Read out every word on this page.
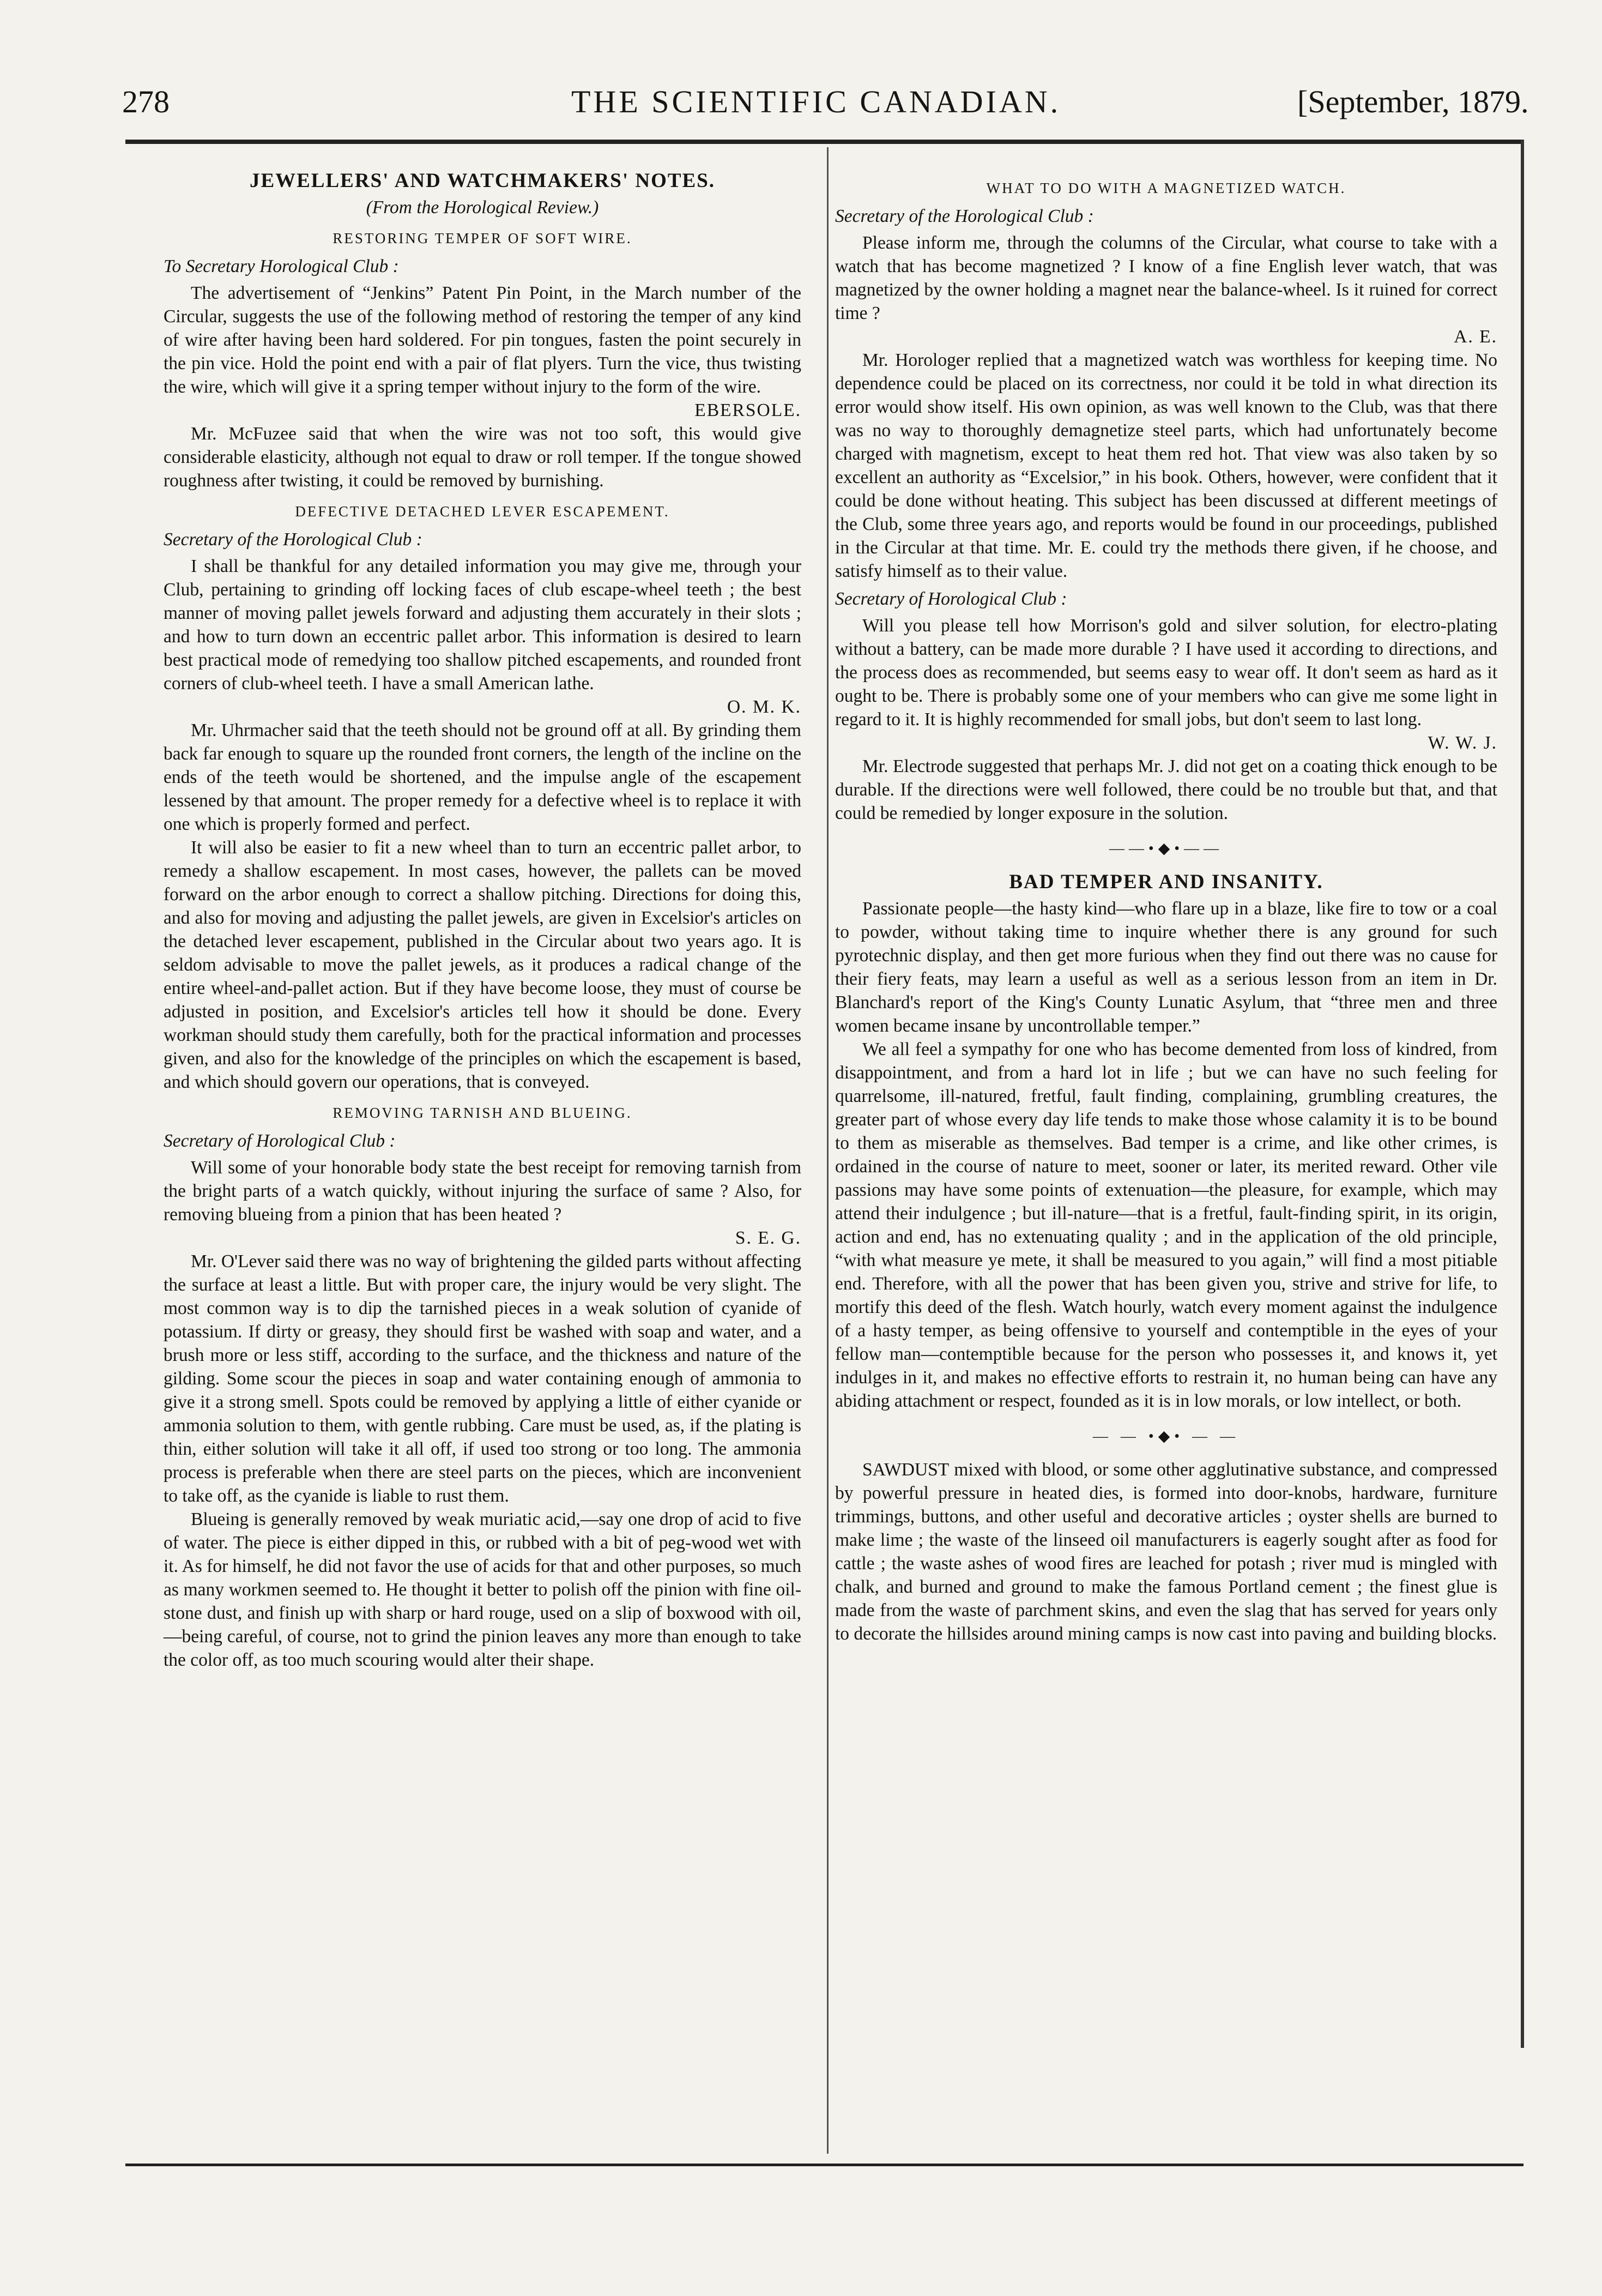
278	THE SCIENTIFIC CANADIAN.	[September, 1879.
JEWELLERS' AND WATCHMAKERS' NOTES.
(From the Horological Review.)
RESTORING TEMPER OF SOFT WIRE.
To Secretary Horological Club :

The advertisement of “Jenkins” Patent Pin Point, in the March number of the Circular, suggests the use of the following method of restoring the temper of any kind of wire after having been hard soldered. For pin tongues, fasten the point securely in the pin vice. Hold the point end with a pair of flat plyers. Turn the vice, thus twisting the wire, which will give it a spring temper without injury to the form of the wire.

EBERSOLE.

Mr. McFuzee said that when the wire was not too soft, this would give considerable elasticity, although not equal to draw or roll temper. If the tongue showed roughness after twisting, it could be removed by burnishing.

DEFECTIVE DETACHED LEVER ESCAPEMENT.
Secretary of the Horological Club :

I shall be thankful for any detailed information you may give me, through your Club, pertaining to grinding off locking faces of club escape-wheel teeth ; the best manner of moving pallet jewels forward and adjusting them accurately in their slots ; and how to turn down an eccentric pallet arbor. This information is desired to learn best practical mode of remedying too shallow pitched escapements, and rounded front corners of club-wheel teeth. I have a small American lathe.

O. M. K.

Mr. Uhrmacher said that the teeth should not be ground off at all. By grinding them back far enough to square up the rounded front corners, the length of the incline on the ends of the teeth would be shortened, and the impulse angle of the escapement lessened by that amount. The proper remedy for a defective wheel is to replace it with one which is properly formed and perfect.

It will also be easier to fit a new wheel than to turn an eccentric pallet arbor, to remedy a shallow escapement. In most cases, however, the pallets can be moved forward on the arbor enough to correct a shallow pitching. Directions for doing this, and also for moving and adjusting the pallet jewels, are given in Excelsior's articles on the detached lever escapement, published in the Circular about two years ago. It is seldom advisable to move the pallet jewels, as it produces a radical change of the entire wheel-and-pallet action. But if they have become loose, they must of course be adjusted in position, and Excelsior's articles tell how it should be done. Every workman should study them carefully, both for the practical information and processes given, and also for the knowledge of the principles on which the escapement is based, and which should govern our operations, that is conveyed.

REMOVING TARNISH AND BLUEING.
Secretary of Horological Club :

Will some of your honorable body state the best receipt for removing tarnish from the bright parts of a watch quickly, without injuring the surface of same ? Also, for removing blueing from a pinion that has been heated ?

S. E. G.

Mr. O'Lever said there was no way of brightening the gilded parts without affecting the surface at least a little. But with proper care, the injury would be very slight. The most common way is to dip the tarnished pieces in a weak solution of cyanide of potassium. If dirty or greasy, they should first be washed with soap and water, and a brush more or less stiff, according to the surface, and the thickness and nature of the gilding. Some scour the pieces in soap and water containing enough of ammonia to give it a strong smell. Spots could be removed by applying a little of either cyanide or ammonia solution to them, with gentle rubbing. Care must be used, as, if the plating is thin, either solution will take it all off, if used too strong or too long. The ammonia process is preferable when there are steel parts on the pieces, which are inconvenient to take off, as the cyanide is liable to rust them.

Blueing is generally removed by weak muriatic acid,—say one drop of acid to five of water. The piece is either dipped in this, or rubbed with a bit of peg-wood wet with it. As for himself, he did not favor the use of acids for that and other purposes, so much as many workmen seemed to. He thought it better to polish off the pinion with fine oil-stone dust, and finish up with sharp or hard rouge, used on a slip of boxwood with oil,—being careful, of course, not to grind the pinion leaves any more than enough to take the color off, as too much scouring would alter their shape.

WHAT TO DO WITH A MAGNETIZED WATCH.
Secretary of the Horological Club :

Please inform me, through the columns of the Circular, what course to take with a watch that has become magnetized ? I know of a fine English lever watch, that was magnetized by the owner holding a magnet near the balance-wheel. Is it ruined for correct time ?

A. E.

Mr. Horologer replied that a magnetized watch was worthless for keeping time. No dependence could be placed on its correctness, nor could it be told in what direction its error would show itself. His own opinion, as was well known to the Club, was that there was no way to thoroughly demagnetize steel parts, which had unfortunately become charged with magnetism, except to heat them red hot. That view was also taken by so excellent an authority as “Excelsior,” in his book. Others, however, were confident that it could be done without heating. This subject has been discussed at different meetings of the Club, some three years ago, and reports would be found in our proceedings, published in the Circular at that time. Mr. E. could try the methods there given, if he choose, and satisfy himself as to their value.

Secretary of Horological Club :

Will you please tell how Morrison's gold and silver solution, for electro-plating without a battery, can be made more durable ? I have used it according to directions, and the process does as recommended, but seems easy to wear off. It don't seem as hard as it ought to be. There is probably some one of your members who can give me some light in regard to it. It is highly recommended for small jobs, but don't seem to last long.

W. W. J.

Mr. Electrode suggested that perhaps Mr. J. did not get on a coating thick enough to be durable. If the directions were well followed, there could be no trouble but that, and that could be remedied by longer exposure in the solution.

——•◆•——
BAD TEMPER AND INSANITY.

Passionate people—the hasty kind—who flare up in a blaze, like fire to tow or a coal to powder, without taking time to inquire whether there is any ground for such pyrotechnic display, and then get more furious when they find out there was no cause for their fiery feats, may learn a useful as well as a serious lesson from an item in Dr. Blanchard's report of the King's County Lunatic Asylum, that “three men and three women became insane by uncontrollable temper.”

We all feel a sympathy for one who has become demented from loss of kindred, from disappointment, and from a hard lot in life ; but we can have no such feeling for quarrelsome, ill-natured, fretful, fault finding, complaining, grumbling creatures, the greater part of whose every day life tends to make those whose calamity it is to be bound to them as miserable as themselves. Bad temper is a crime, and like other crimes, is ordained in the course of nature to meet, sooner or later, its merited reward. Other vile passions may have some points of extenuation—the pleasure, for example, which may attend their indulgence ; but ill-nature—that is a fretful, fault-finding spirit, in its origin, action and end, has no extenuating quality ; and in the application of the old principle, “with what measure ye mete, it shall be measured to you again,” will find a most pitiable end. Therefore, with all the power that has been given you, strive and strive for life, to mortify this deed of the flesh. Watch hourly, watch every moment against the indulgence of a hasty temper, as being offensive to yourself and contemptible in the eyes of your fellow man—contemptible because for the person who possesses it, and knows it, yet indulges in it, and makes no effective efforts to restrain it, no human being can have any abiding attachment or respect, founded as it is in low morals, or low intellect, or both.

— — •◆• — —

SAWDUST mixed with blood, or some other agglutinative substance, and compressed by powerful pressure in heated dies, is formed into door-knobs, hardware, furniture trimmings, buttons, and other useful and decorative articles ; oyster shells are burned to make lime ; the waste of the linseed oil manufacturers is eagerly sought after as food for cattle ; the waste ashes of wood fires are leached for potash ; river mud is mingled with chalk, and burned and ground to make the famous Portland cement ; the finest glue is made from the waste of parchment skins, and even the slag that has served for years only to decorate the hillsides around mining camps is now cast into paving and building blocks.
